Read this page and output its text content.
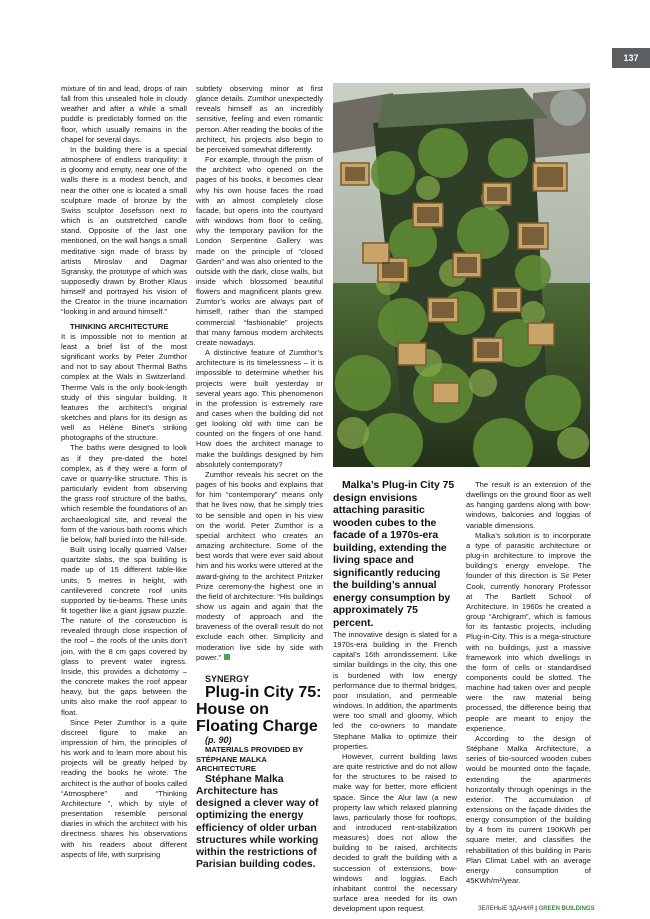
137

mixture of tin and lead, drops of rain fall from this unsealed hole in cloudy weather and after a while a small puddle is predictably formed on the floor, which usually remains in the chapel for several days.

In the building there is a special atmosphere of endless tranquility: it is gloomy and empty, near one of the walls there is a modest bench, and near the other one is located a small sculpture made of bronze by the Swiss sculptor Josefsson next to which is an outstretched candle stand. Opposite of the last one mentioned, on the wall hangs a small meditative sign made of brass by artists Miroslav and Dagmar Sgransky, the prototype of which was supposedly drawn by Brother Klaus himself and portrayed his vision of the Creator in the triune incarnation “looking in and around himself.”

THINKING ARCHITECTURE

It is impossible not to mention at least a brief list of the most significant works by Peter Zumthor and not to say about Thermal Baths complex at the Wals in Switzerland. Therme Vals is the only book-length study of this singular building. It features the architect’s original sketches and plans for its design as well as Hélène Binet’s striking photographs of the structure.

The baths were designed to look as if they pre-dated the hotel complex, as if they were a form of cave or quarry-like structure. This is particularly evident from observing the grass roof structure of the baths, which resemble the foundations of an archaeological site, and reveal the form of the various bath rooms which lie below, half buried into the hill-side.

Built using locally quarried Valser quartzite slabs, the spa building is made up of 15 different table-like units, 5 metres in height, with cantilevered concrete roof units supported by tie-beams. These units fit together like a giant jigsaw puzzle. The nature of the construction is revealed through close inspection of the roof – the roofs of the units don’t join, with the 8 cm gaps covered by glass to prevent water ingress. Inside, this provides a dichotomy – the concrete makes the roof appear heavy, but the gaps between the units also make the roof appear to float.

Since Peter Zumthor is a quite discreet figure to make an impression of him, the principles of his work and to learn more about his projects will be greatly helped by reading the books he wrote. The architect is the author of books called “Atmosphere” and “Thinking Architecture ”, which by style of presentation resemble personal diaries in which the architect with his directness shares his observations with his readers about different aspects of life, with surprising

subtlety observing minor at first glance details. Zumthor unexpectedly reveals himself as an incredibly sensitive, feeling and even romantic person. After reading the books of the architect, his projects also begin to be perceived somewhat differently.

For example, through the prism of the architect who opened on the pages of his books, it becomes clear why his own house faces the road with an almost completely close facade, but opens into the courtyard with windows from floor to ceiling, why the temporary pavilion for the London Serpentine Gallery was made on the principle of “closed Garden” and was also oriented to the outside with the dark, close walls, but inside which blossomed beautiful flowers and magnificent plants grew. Zumtor’s works are always part of himself, rather than the stamped commercial “fashionable” projects that many famous modern architects create nowadays.

A distinctive feature of Zumthor’s architecture is its timelessness – it is impossible to determine whether his projects were built yesterday or several years ago. This phenomenon in the profession is extremely rare and cases when the building did not get looking old with time can be counted on the fingers of one hand. How does the architect manage to make the buildings designed by him absolutely contemporaty?

Zumthor reveals his secret on the pages of his books and explains that for him “contemporary” means only that he lives now, that he simply tries to be sensible and open in his view on the world. Peter Zumthor is a special architect who creates an amazing architecture. Some of the best words that were ever said about him and his works were uttered at the award-giving to the architect Pritzker Prize ceremony-the highest one in the field of architecture: “His buildings show us again and again that the modesty of approach and the braveness of the overall result do not exclude each other. Simplicity and moderation live side by side with power.”

SYNERGY

Plug-in City 75: House on Floating Charge

(p. 90)

MATERIALS PROVIDED BY STÉPHANE MALKA ARCHITECTURE

Stéphane Malka Architecture has designed a clever way of optimizing the energy efficiency of older urban structures while working within the restrictions of Parisian building codes.

Malka’s Plug-in City 75 design envisions attaching parasitic wooden cubes to the facade of a 1970s-era building, extending the living space and significantly reducing the building’s annual energy consumption by approximately 75 percent.

The innovative design is slated for a 1970s-era building in the French capital’s 16th arrondissement. Like similar buildings in the city, this one is burdened with low energy performance due to thermal bridges, poor insulation, and permeable windows. In addition, the apartments were too small and gloomy, which led the co-owners to mandate Stephane Malka to optimize their properties.

However, current building laws are quite restrictive and do not allow for the structures to be raised to make way for better, more efficient space. Since the Alur law (a new property law which relaxed planning laws, particularly those for rooftops, and introduced rent-stabilization measures) does not allow the building to be raised, architects decided to graft the building with a succession of extensions, bow-windows and loggias. Each inhabitant control the necessary surface area needed for its own development upon request.

The result is an extension of the dwellings on the ground floor as well as hanging gardens along with bow-windows, balconies and loggias of variable dimensions.

Malka’s solution is to incorporate a type of parasitic architecture or plug-in architecture to improve the building’s energy envelope. The founder of this direction is Sir Peter Cook, currently honorary Professor at The Bartlett School of Architecture. In 1960s he created a group “Archigram”, which is famous for its fantastic projects, including Plug-in-City. This is a mega-structure with no buildings, just a massive framework into which dwellings in the form of cells or standardised components could be slotted. The machine had taken over and people were the raw material being processed, the difference being that people are meant to enjoy the experience.

According to the design of Stéphane Malka Architecture, a series of bio-sourced wooden cubes would be mounted onto the façade, extending the apartments horizontally through openings in the exterior. The accumulation of extensions on the façade divides the energy consumption of the building by 4 from its current 190KWh per square meter, and classifies the rehabilitation of this building in Paris Plan Climat Label with an average energy consumption of 45KWh/m²/year.

ЗЕЛЕНЫЕ ЗДАНИЯ | GREEN BUILDINGS
